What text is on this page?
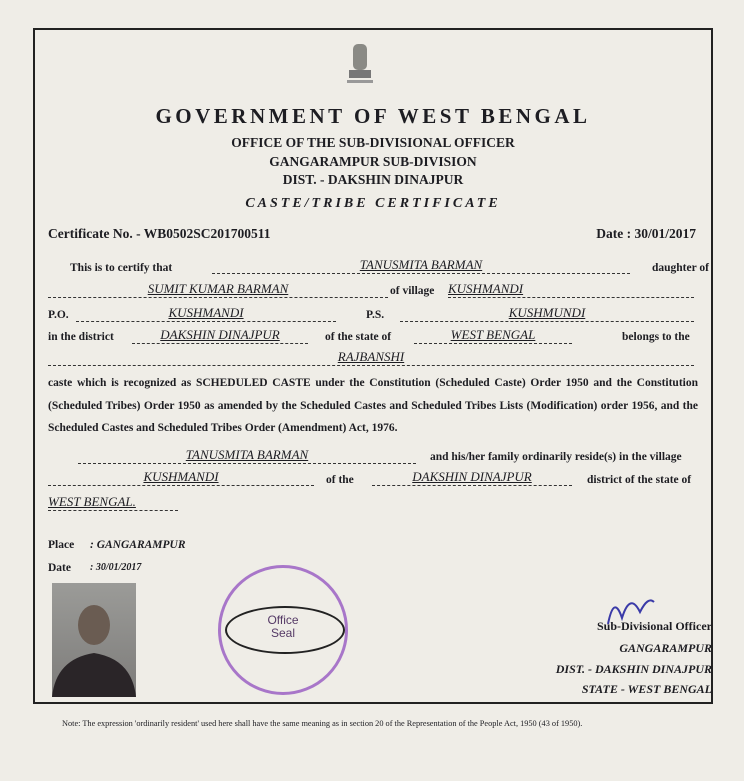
GOVERNMENT OF WEST BENGAL
OFFICE OF THE SUB-DIVISIONAL OFFICER
GANGARAMPUR SUB-DIVISION
DIST. - DAKSHIN DINAJPUR
CASTE/TRIBE CERTIFICATE
Certificate No. - WB0502SC201700511	Date : 30/01/2017
This is to certify that	TANUSMITA BARMAN	daughter of
SUMIT KUMAR BARMAN	of village KUSHMANDI
P.O.	KUSHMANDI	P.S.	KUSHMUNDI
in the district	DAKSHIN DINAJPUR	of the state of	WEST BENGAL	belongs to the
RAJBANSHI
caste which is recognized as SCHEDULED CASTE under the Constitution (Scheduled Caste) Order 1950 and the Constitution (Scheduled Tribes) Order 1950 as amended by the Scheduled Castes and Scheduled Tribes Lists (Modification) order 1956, and the Scheduled Castes and Scheduled Tribes Order (Amendment) Act, 1976.
TANUSMITA BARMAN	and his/her family ordinarily reside(s) in the village
KUSHMANDI	of the	DAKSHIN DINAJPUR	district of the state of
WEST BENGAL.
Place : GANGARAMPUR
Date : 30/01/2017
Office
Seal	Sub-Divisional Officer
GANGARAMPUR
DIST. - DAKSHIN DINAJPUR
STATE - WEST BENGAL
Note: The expression 'ordinarily resident' used here shall have the same meaning as in section 20 of the Representation of the People Act, 1950 (43 of 1950).
